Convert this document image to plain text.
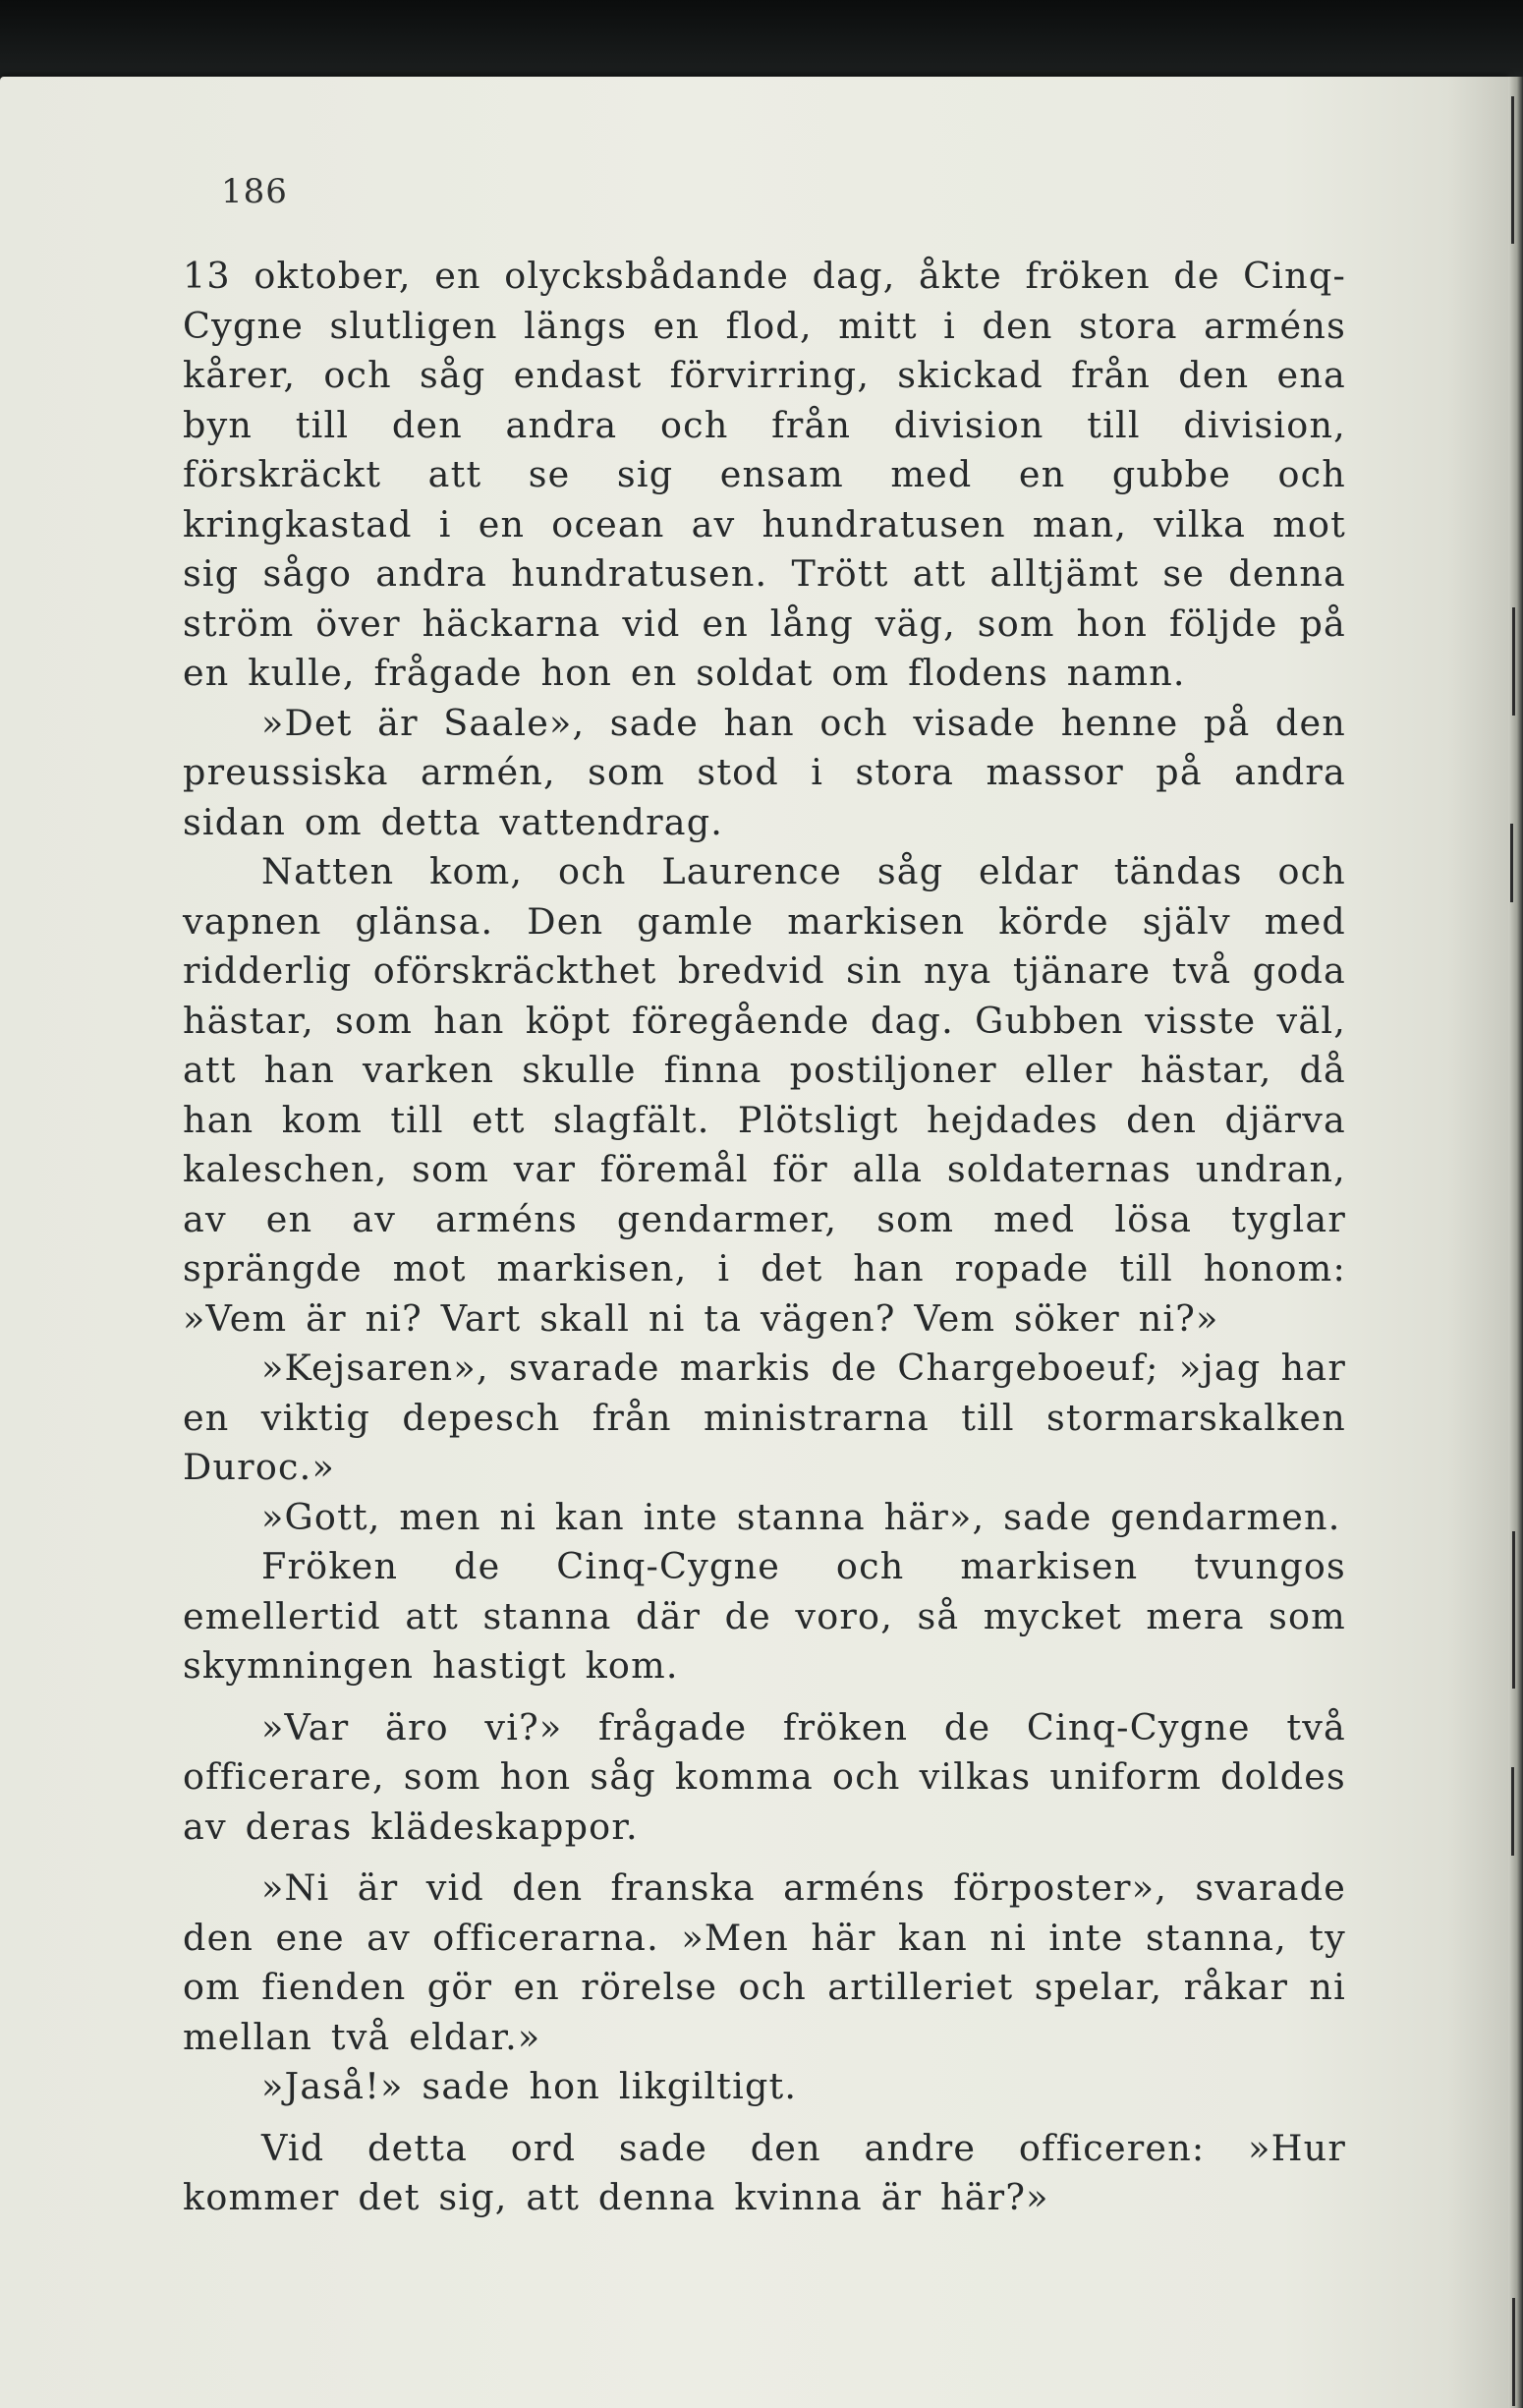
186

13 oktober, en olycksbådande dag, åkte fröken de Cinq-Cygne slutligen längs en flod, mitt i den stora arméns kårer, och såg endast förvirring, skickad från den ena byn till den andra och från division till division, förskräckt att se sig ensam med en gubbe och kringkastad i en ocean av hundratusen man, vilka mot sig sågo andra hundratusen. Trött att alltjämt se denna ström över häckarna vid en lång väg, som hon följde på en kulle, frågade hon en soldat om flodens namn.

»Det är Saale», sade han och visade henne på den preussiska armén, som stod i stora massor på andra sidan om detta vattendrag.

Natten kom, och Laurence såg eldar tändas och vapnen glänsa. Den gamle markisen körde själv med ridderlig oförskräckthet bredvid sin nya tjänare två goda hästar, som han köpt föregående dag. Gubben visste väl, att han varken skulle finna postiljoner eller hästar, då han kom till ett slagfält. Plötsligt hejdades den djärva kaleschen, som var föremål för alla soldaternas undran, av en av arméns gendarmer, som med lösa tyglar sprängde mot markisen, i det han ropade till honom: »Vem är ni? Vart skall ni ta vägen? Vem söker ni?»

»Kejsaren», svarade markis de Chargeboeuf; »jag har en viktig depesch från ministrarna till stormarskalken Duroc.»

»Gott, men ni kan inte stanna här», sade gendarmen.

Fröken de Cinq-Cygne och markisen tvungos emellertid att stanna där de voro, så mycket mera som skymningen hastigt kom.

»Var äro vi?» frågade fröken de Cinq-Cygne två officerare, som hon såg komma och vilkas uniform doldes av deras klädeskappor.

»Ni är vid den franska arméns förposter», svarade den ene av officerarna. »Men här kan ni inte stanna, ty om fienden gör en rörelse och artilleriet spelar, råkar ni mellan två eldar.»

»Jaså!» sade hon likgiltigt.

Vid detta ord sade den andre officeren: »Hur kommer det sig, att denna kvinna är här?»
